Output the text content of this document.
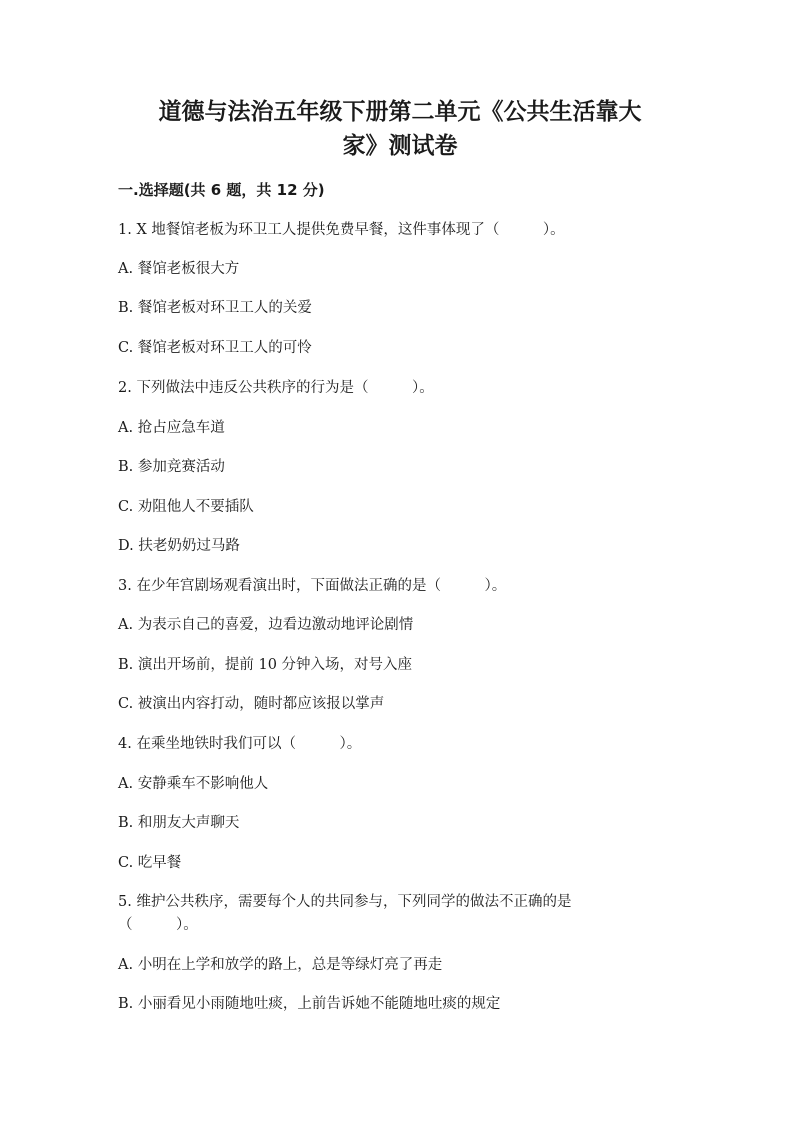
道德与法治五年级下册第二单元《公共生活靠大
家》测试卷
一.选择题(共 6 题，共 12 分)
1. X 地餐馆老板为环卫工人提供免费早餐，这件事体现了（　　　）。
A. 餐馆老板很大方
B. 餐馆老板对环卫工人的关爱
C. 餐馆老板对环卫工人的可怜
2. 下列做法中违反公共秩序的行为是（　　　）。
A. 抢占应急车道
B. 参加竞赛活动
C. 劝阻他人不要插队
D. 扶老奶奶过马路
3. 在少年宫剧场观看演出时，下面做法正确的是（　　　）。
A. 为表示自己的喜爱，边看边激动地评论剧情
B. 演出开场前，提前 10 分钟入场，对号入座
C. 被演出内容打动，随时都应该报以掌声
4. 在乘坐地铁时我们可以（　　　）。
A. 安静乘车不影响他人
B. 和朋友大声聊天
C. 吃早餐
5. 维护公共秩序，需要每个人的共同参与，下列同学的做法不正确的是
（　　　）。
A. 小明在上学和放学的路上，总是等绿灯亮了再走
B. 小丽看见小雨随地吐痰，上前告诉她不能随地吐痰的规定
